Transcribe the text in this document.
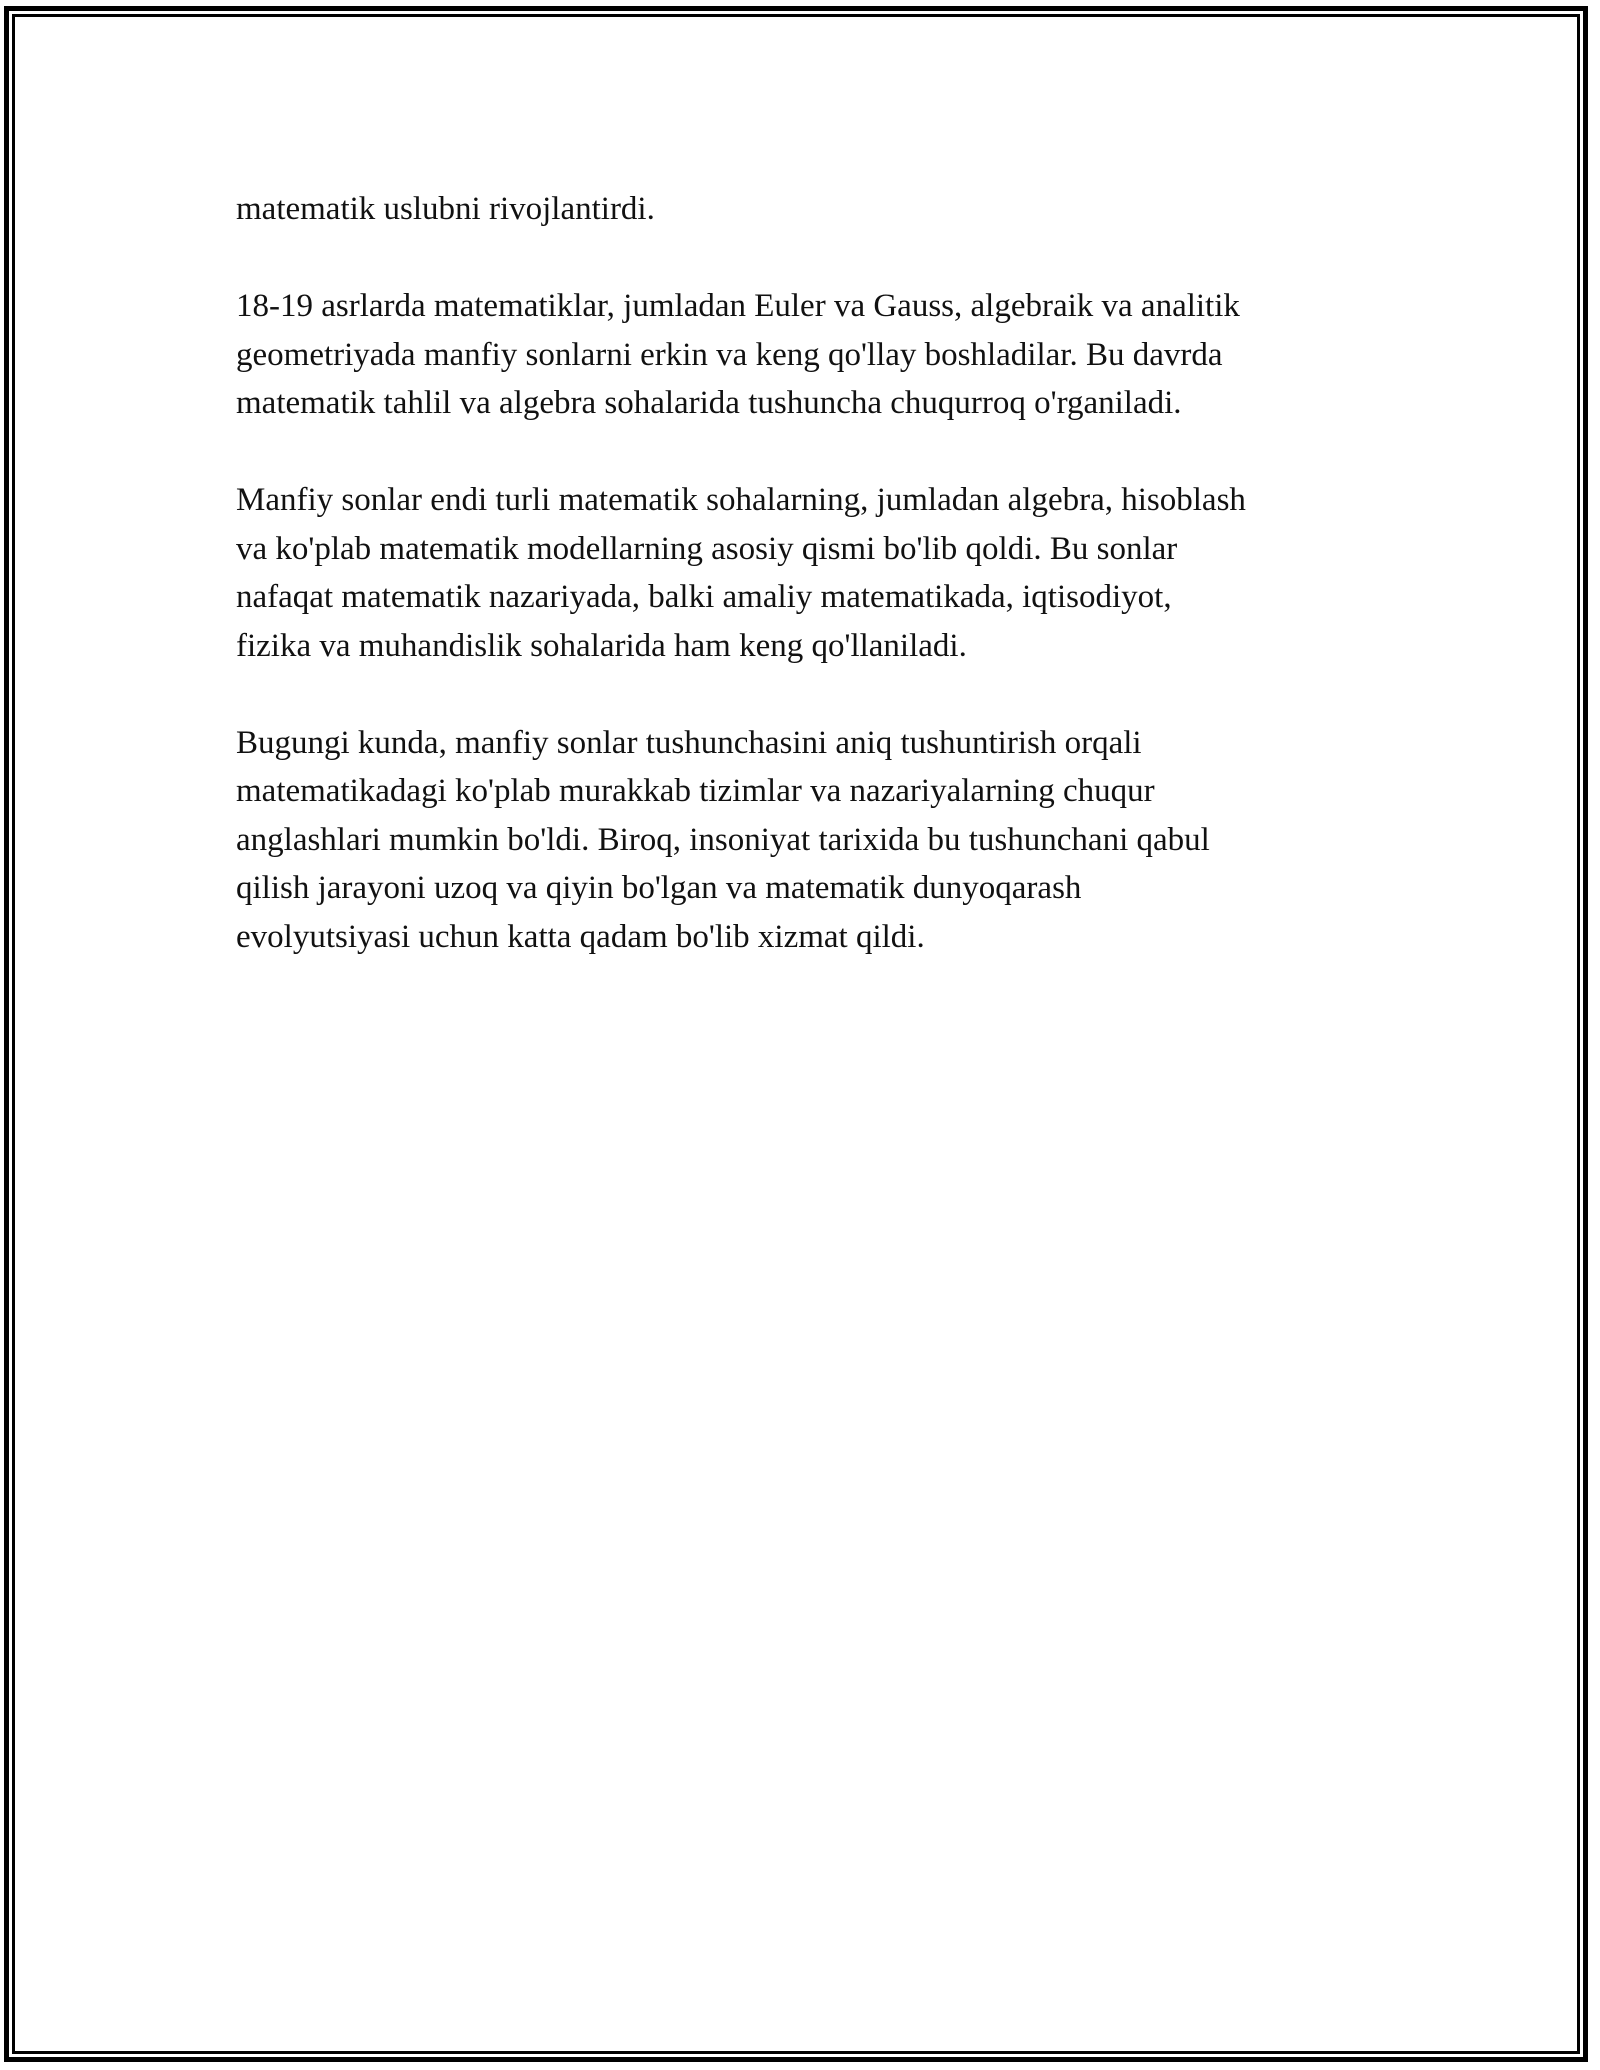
matematik uslubni rivojlantirdi.

18-19 asrlarda matematiklar, jumladan Euler va Gauss, algebraik va analitik
geometriyada manfiy sonlarni erkin va keng qo'llay boshladilar. Bu davrda
matematik tahlil va algebra sohalarida tushuncha chuqurroq o'rganiladi.

Manfiy sonlar endi turli matematik sohalarning, jumladan algebra, hisoblash
va ko'plab matematik modellarning asosiy qismi bo'lib qoldi. Bu sonlar
nafaqat matematik nazariyada, balki amaliy matematikada, iqtisodiyot,
fizika va muhandislik sohalarida ham keng qo'llaniladi.

Bugungi kunda, manfiy sonlar tushunchasini aniq tushuntirish orqali
matematikadagi ko'plab murakkab tizimlar va nazariyalarning chuqur
anglashlari mumkin bo'ldi. Biroq, insoniyat tarixida bu tushunchani qabul
qilish jarayoni uzoq va qiyin bo'lgan va matematik dunyoqarash
evolyutsiyasi uchun katta qadam bo'lib xizmat qildi.
